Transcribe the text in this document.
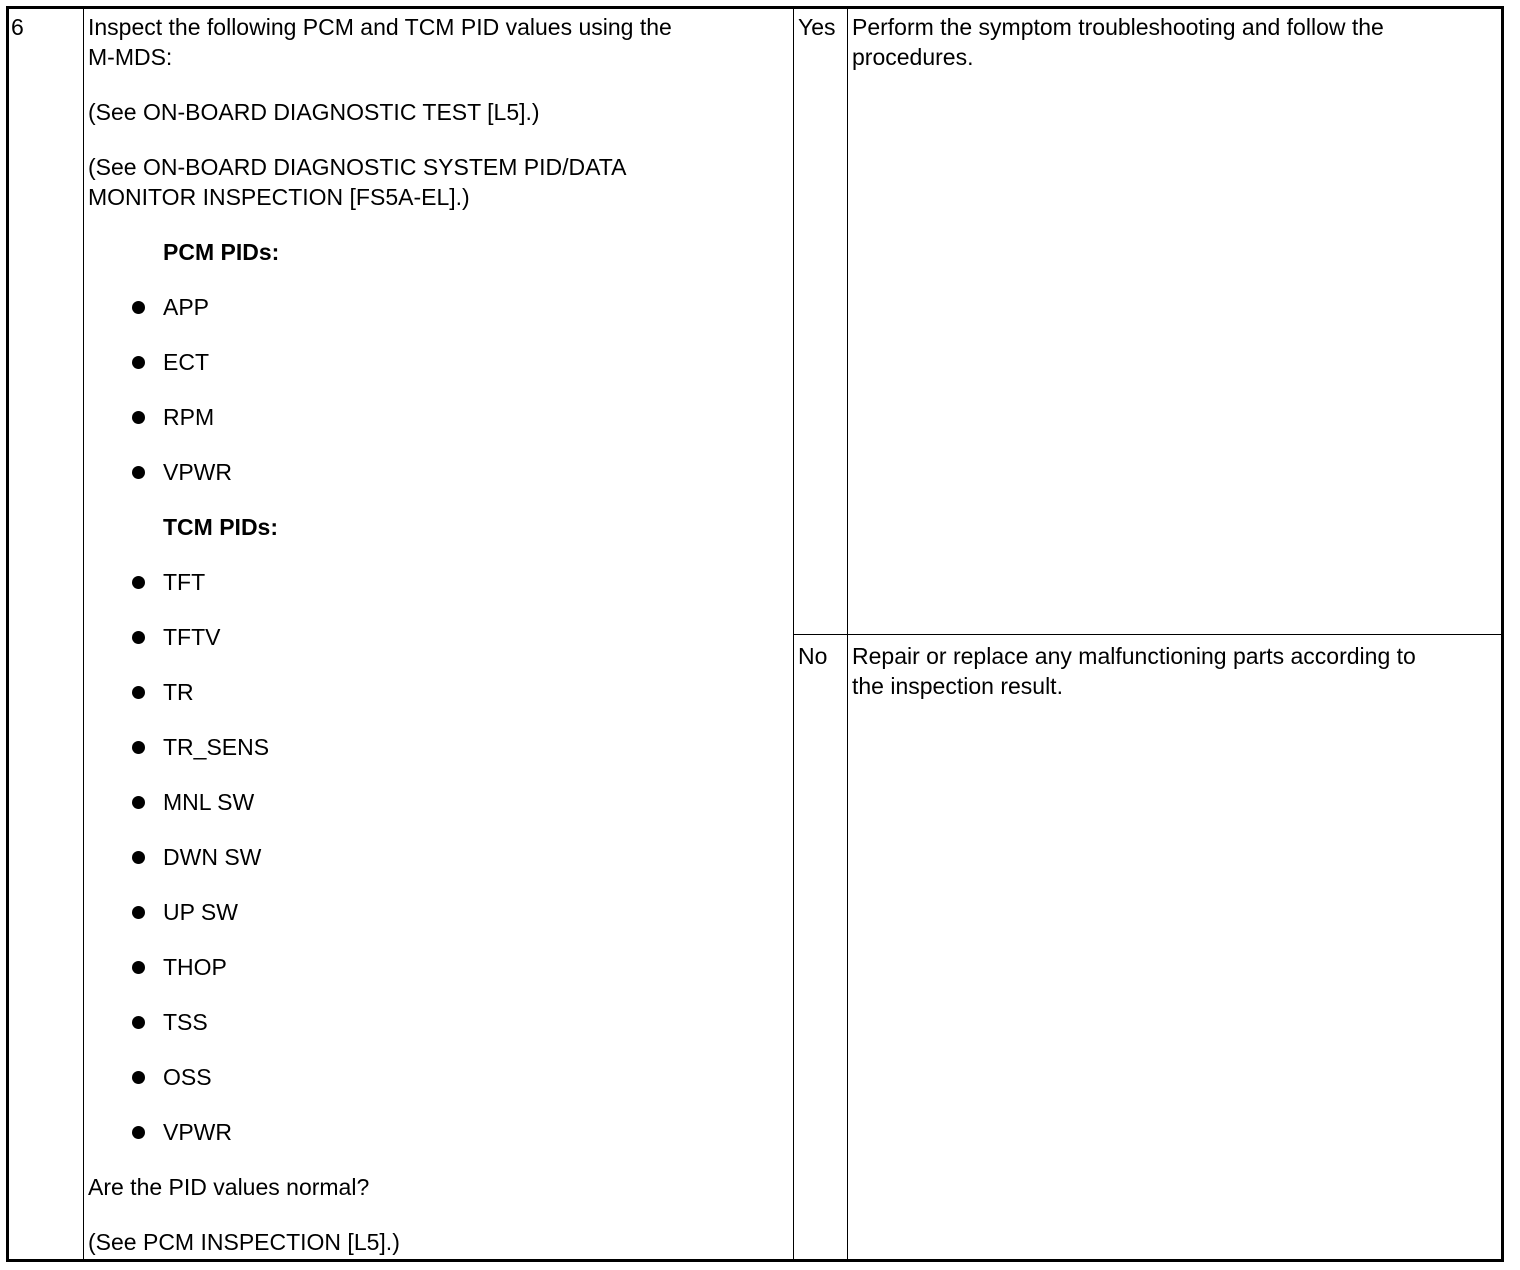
6	Inspect the following PCM and TCM PID values using the
M-MDS:
(See ON-BOARD DIAGNOSTIC TEST [L5].)
(See ON-BOARD DIAGNOSTIC SYSTEM PID/DATA
MONITOR INSPECTION [FS5A-EL].)
PCM PIDs:
APP
ECT
RPM
VPWR
TCM PIDs:
TFT
TFTV
TR
TR_SENS
MNL SW
DWN SW
UP SW
THOP
TSS
OSS
VPWR
Are the PID values normal?
(See PCM INSPECTION [L5].)
Yes Perform the symptom troubleshooting and follow the
procedures.
No Repair or replace any malfunctioning parts according to
the inspection result.
